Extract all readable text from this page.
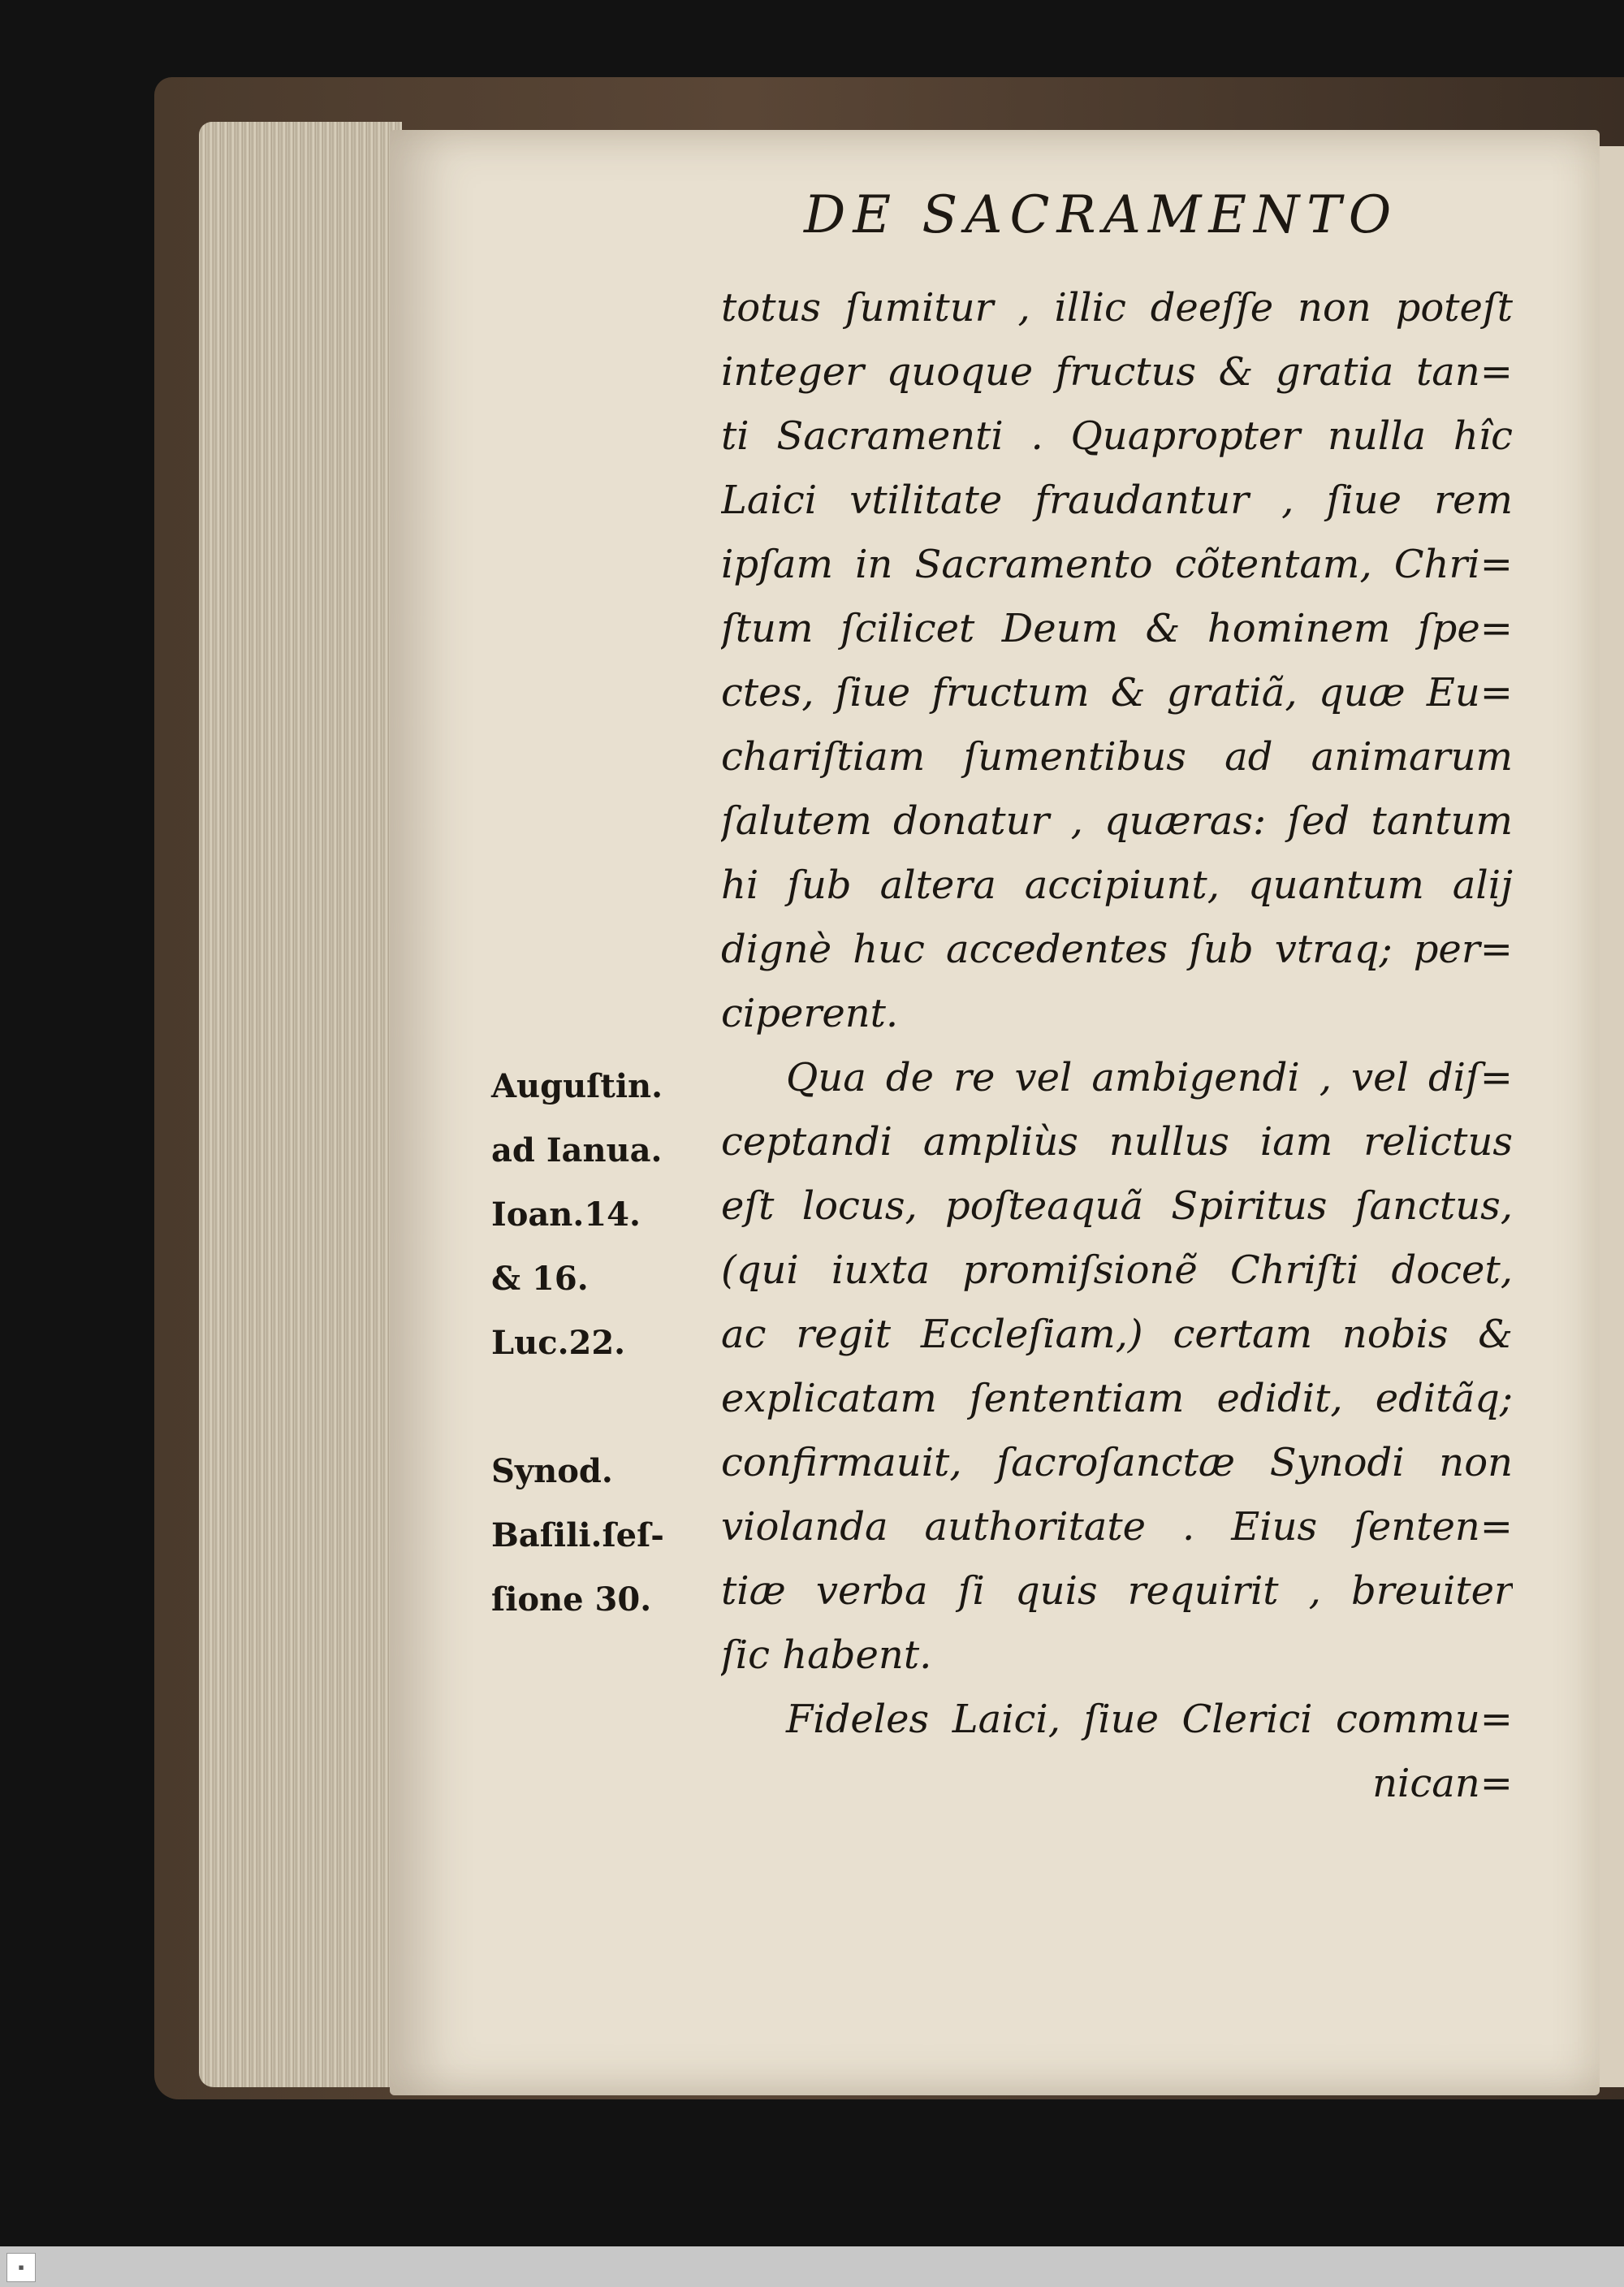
DE SACRAMENTO
totus ſumitur , illic deeſſe non poteſt
integer quoque fructus & gratia tan=
ti Sacramenti . Quapropter nulla hîc
Laici vtilitate fraudantur , ſiue rem
ipſam in Sacramento cõtentam, Chri=
ſtum ſcilicet Deum & hominem ſpe=
ctes, ſiue fructum & gratiã, quæ Eu=
chariſtiam ſumentibus ad animarum
ſalutem donatur , quæras: ſed tantum
hi ſub altera accipiunt, quantum alij
dignè huc accedentes ſub vtraq; per=
ciperent.
Qua de re vel ambigendi , vel diſ=
ceptandi ampliùs nullus iam relictus
eſt locus, poſteaquã Spiritus ſanctus,
(qui iuxta promiſsionẽ Chriſti docet,
ac regit Eccleſiam,) certam nobis &
explicatam ſententiam edidit, editãq;
confirmauit, ſacroſanctæ Synodi non
violanda authoritate . Eius ſenten=
tiæ verba ſi quis requirit , breuiter
ſic habent.
Fideles Laici, ſiue Clerici commu=
nican=
Auguſtin.
ad Ianua.
Ioan.14.
& 16.
Luc.22.
Synod.
Baſili.ſeſ-
ſione 30.
■
